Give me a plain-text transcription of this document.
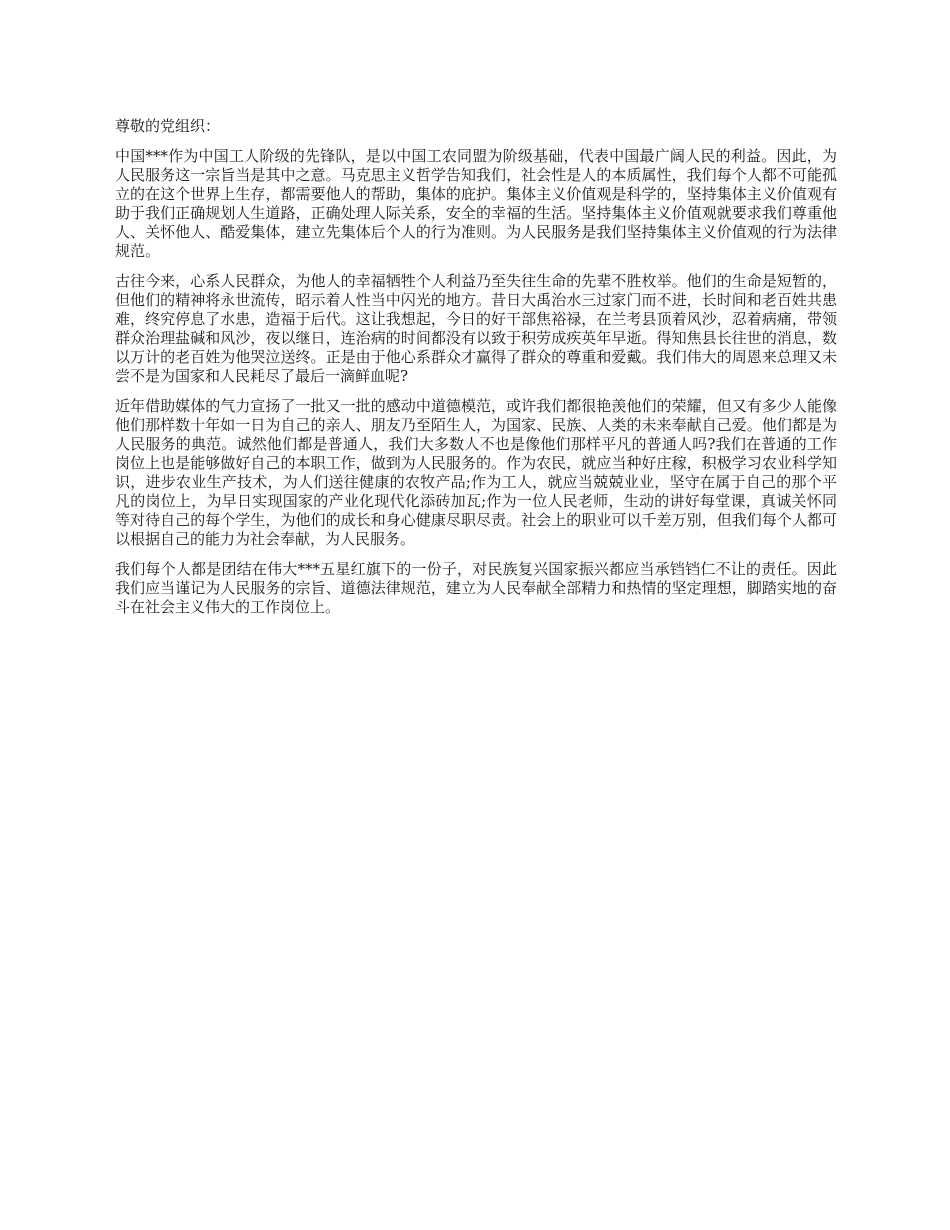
尊敬的党组织：

中国***作为中国工人阶级的先锋队，是以中国工农同盟为阶级基础，代表中国最广阔人民的利益。因此，为人民服务这一宗旨当是其中之意。马克思主义哲学告知我们，社会性是人的本质属性，我们每个人都不可能孤立的在这个世界上生存，都需要他人的帮助，集体的庇护。集体主义价值观是科学的，坚持集体主义价值观有助于我们正确规划人生道路，正确处理人际关系，安全的幸福的生活。坚持集体主义价值观就要求我们尊重他人、关怀他人、酷爱集体，建立先集体后个人的行为准则。为人民服务是我们坚持集体主义价值观的行为法律规范。

古往今来，心系人民群众，为他人的幸福牺牲个人利益乃至失往生命的先辈不胜枚举。他们的生命是短暂的，但他们的精神将永世流传，昭示着人性当中闪光的地方。昔日大禹治水三过家门而不进，长时间和老百姓共患难，终究停息了水患，造福于后代。这让我想起，今日的好干部焦裕禄，在兰考县顶着风沙，忍着病痛，带领群众治理盐碱和风沙，夜以继日，连治病的时间都没有以致于积劳成疾英年早逝。得知焦县长往世的消息，数以万计的老百姓为他哭泣送终。正是由于他心系群众才赢得了群众的尊重和爱戴。我们伟大的周恩来总理又未尝不是为国家和人民耗尽了最后一滴鲜血呢?

近年借助媒体的气力宣扬了一批又一批的感动中道德模范，或许我们都很艳羡他们的荣耀，但又有多少人能像他们那样数十年如一日为自己的亲人、朋友乃至陌生人，为国家、民族、人类的未来奉献自己爱。他们都是为人民服务的典范。诚然他们都是普通人，我们大多数人不也是像他们那样平凡的普通人吗?我们在普通的工作岗位上也是能够做好自己的本职工作，做到为人民服务的。作为农民，就应当种好庄稼，积极学习农业科学知识，进步农业生产技术，为人们送往健康的农牧产品;作为工人，就应当兢兢业业，坚守在属于自己的那个平凡的岗位上，为早日实现国家的产业化现代化添砖加瓦;作为一位人民老师，生动的讲好每堂课，真诚关怀同等对待自己的每个学生，为他们的成长和身心健康尽职尽责。社会上的职业可以千差万别，但我们每个人都可以根据自己的能力为社会奉献，为人民服务。

我们每个人都是团结在伟大***五星红旗下的一份子，对民族复兴国家振兴都应当承铛铛仁不让的责任。因此我们应当谨记为人民服务的宗旨、道德法律规范，建立为人民奉献全部精力和热情的坚定理想，脚踏实地的奋斗在社会主义伟大的工作岗位上。
